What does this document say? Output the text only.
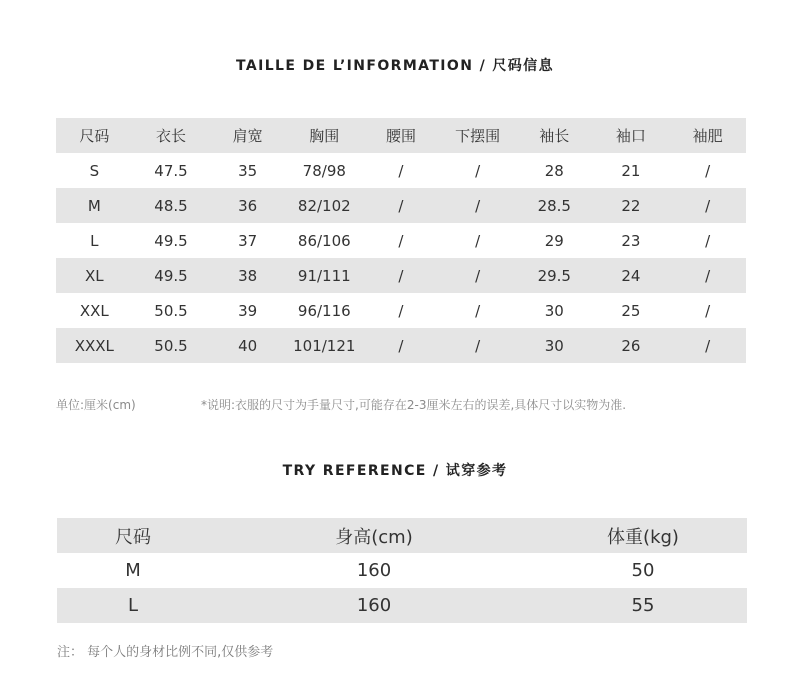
TAILLE DE L’INFORMATION / 尺码信息
尺码	衣长	肩宽	胸围	腰围	下摆围	袖长	袖口	袖肥
S	47.5	35	78/98	/	/	28	21	/
M	48.5	36	82/102	/	/	28.5	22	/
L	49.5	37	86/106	/	/	29	23	/
XL	49.5	38	91/111	/	/	29.5	24	/
XXL	50.5	39	96/116	/	/	30	25	/
XXXL	50.5	40	101/121	/	/	30	26	/
单位:厘米(cm)	*说明:衣服的尺寸为手量尺寸,可能存在2-3厘米左右的误差,具体尺寸以实物为准.
TRY REFERENCE / 试穿参考
尺码	身高(cm)	体重(kg)
M	160	50
L	160	55
注： 每个人的身材比例不同,仅供参考
